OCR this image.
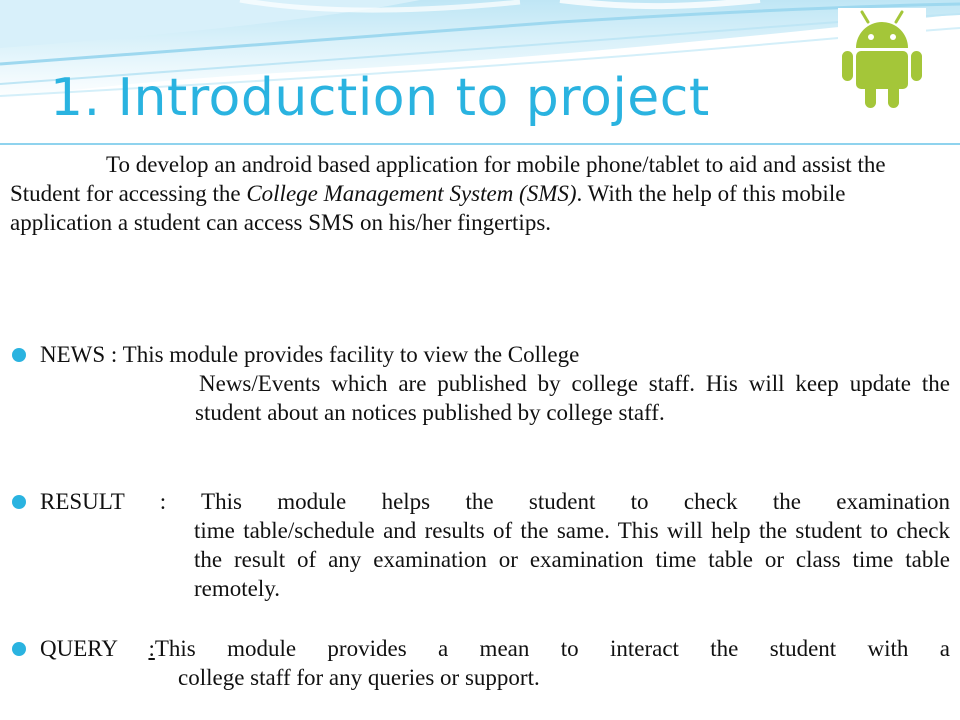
1. Introduction to project

To develop an android based application for mobile phone/tablet to aid and assist the Student for accessing the College Management System (SMS). With the help of this mobile application a student can access SMS on his/her fingertips.

NEWS : This module provides facility to view the College
News/Events which are published by college staff. His will keep update the student about an notices published by college staff.

RESULT : This module helps the student to check the examination
time table/schedule and results of the same. This will help the student to check the result of any examination or examination time table or class time table remotely.

QUERY :This module provides a mean to interact the student with a
college staff for any queries or support.
